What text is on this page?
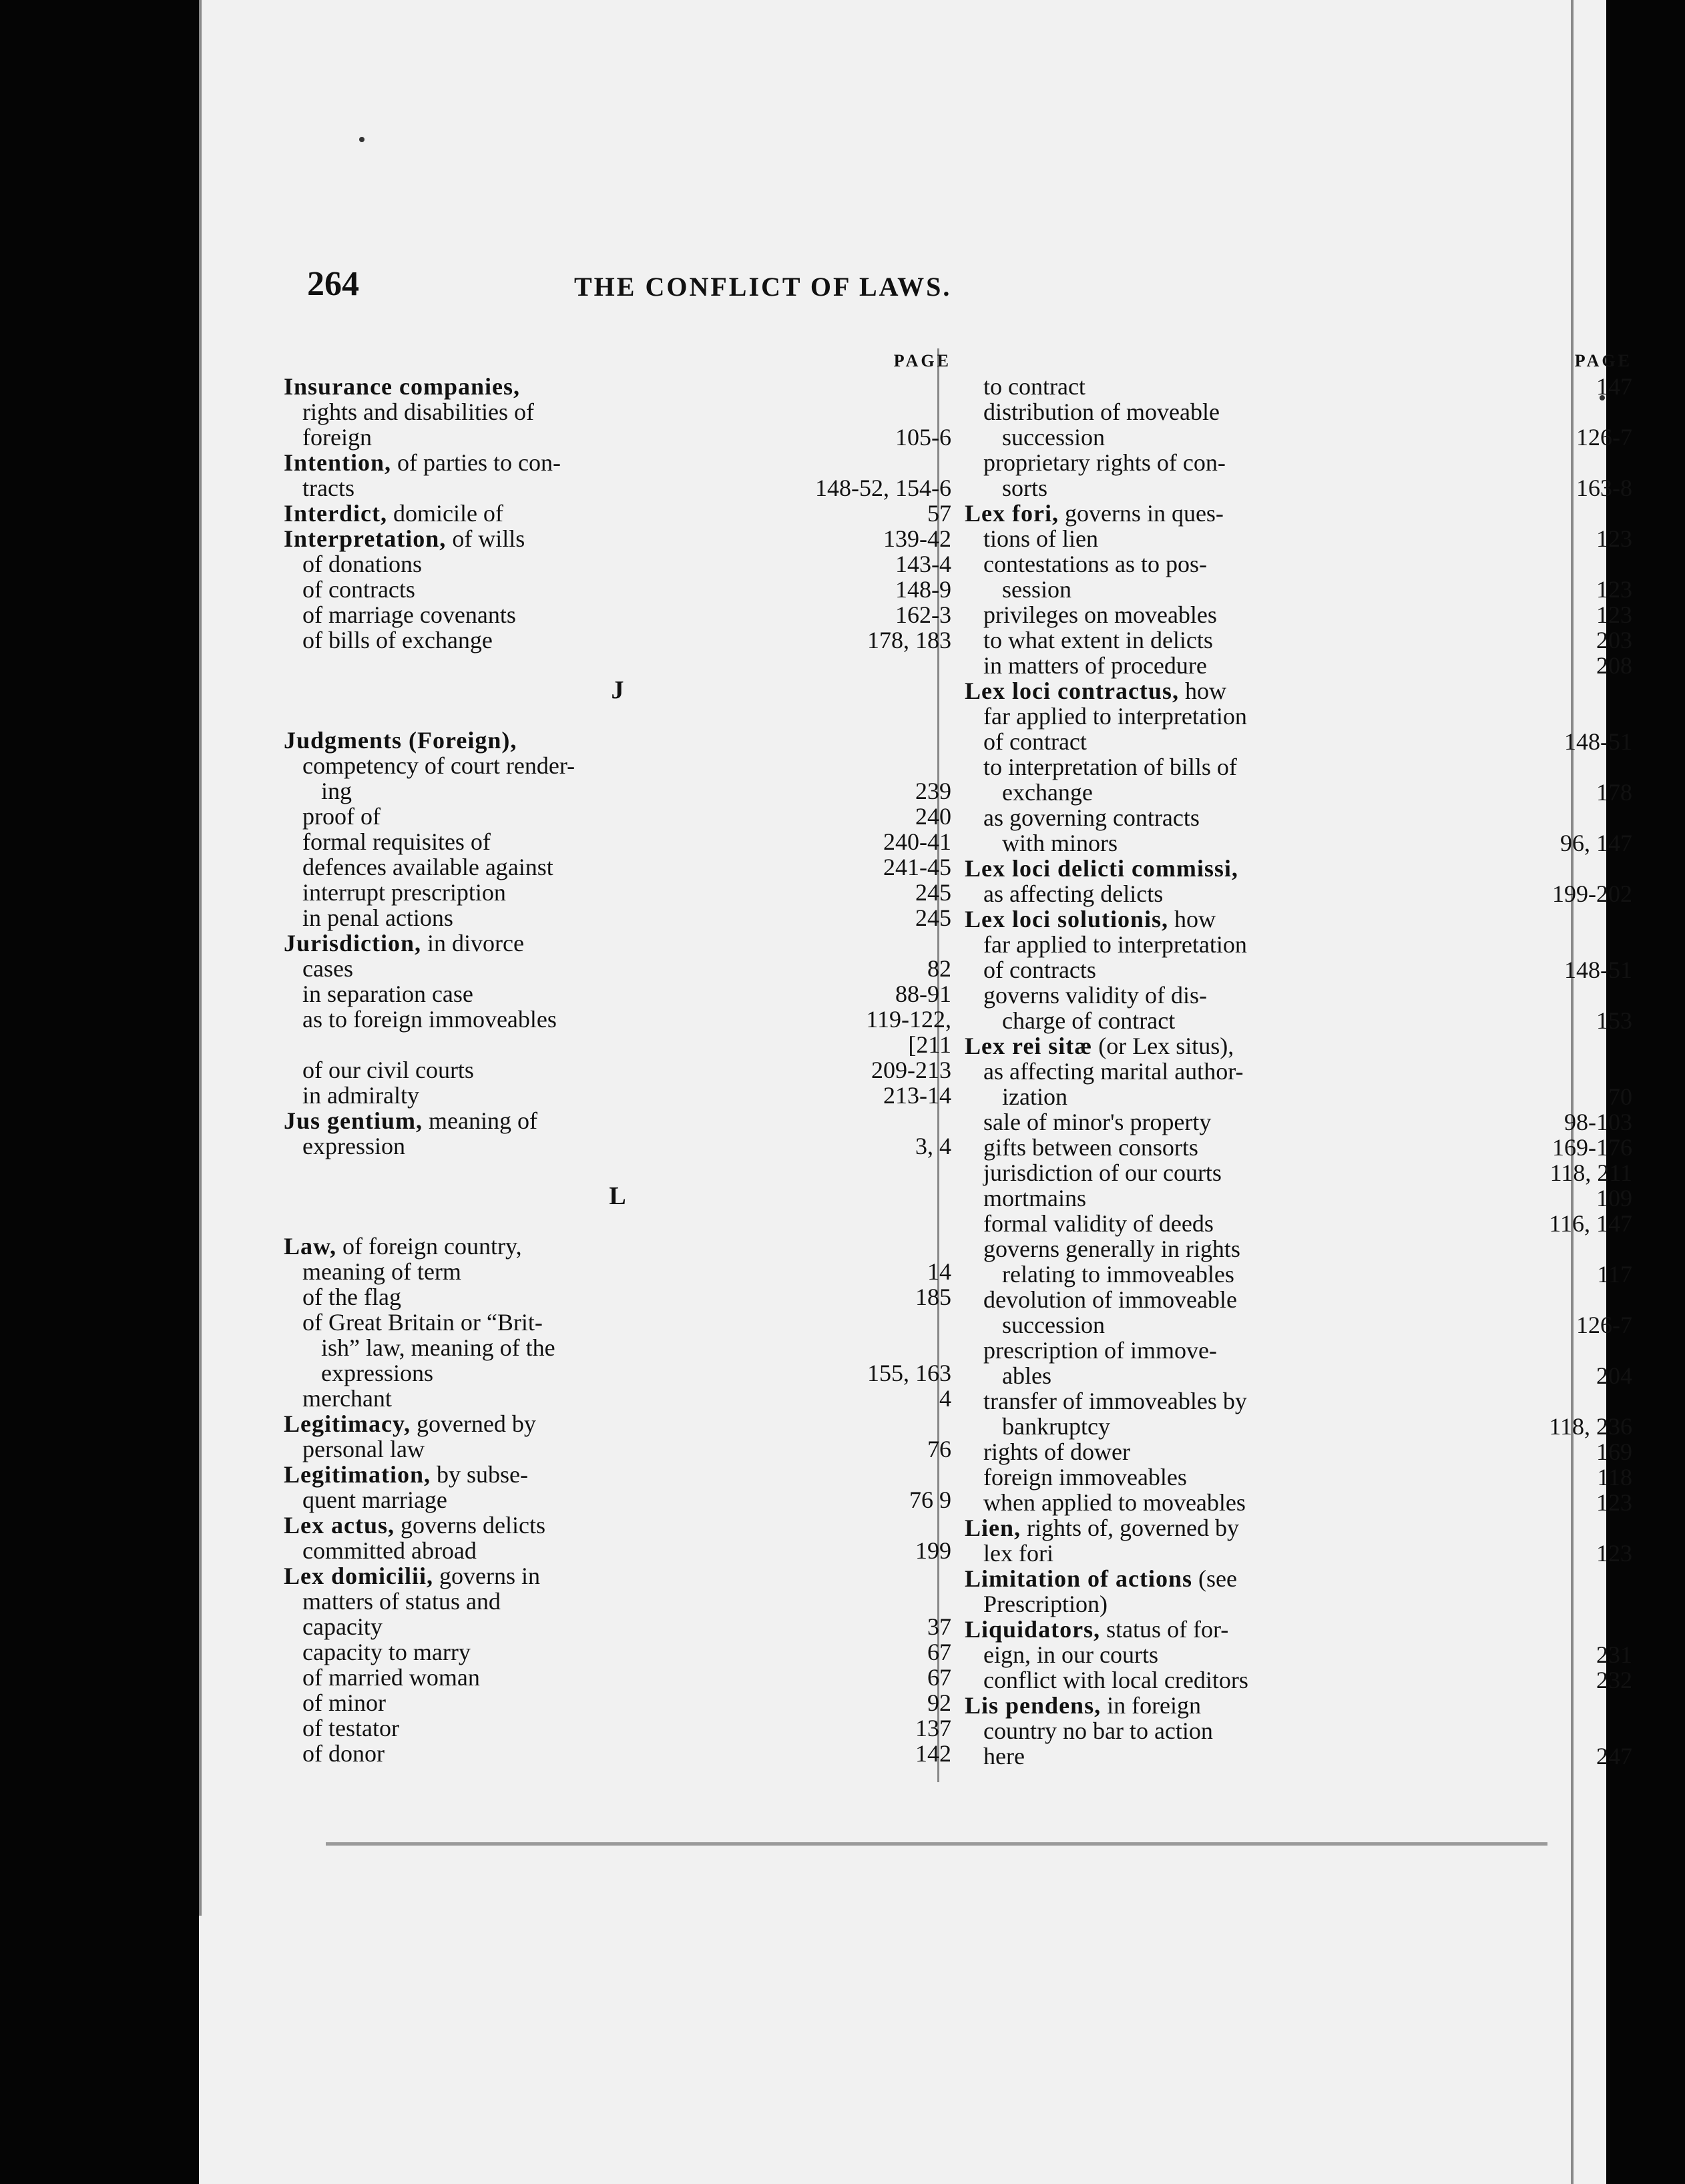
264	THE CONFLICT OF LAWS.
PAGE
Insurance companies,
rights and disabilities of
foreign	105-6
Intention, of parties to con-
tracts	148-52, 154-6
Interdict, domicile of	57
Interpretation, of wills	139-42
of donations	143-4
of contracts	148-9
of marriage covenants	162-3
of bills of exchange	178, 183
J
Judgments (Foreign),
competency of court render-
ing	239
proof of	240
formal requisites of	240-41
defences available against	241-45
interrupt prescription	245
in penal actions	245
Jurisdiction, in divorce
cases	82
in separation case	88-91
as to foreign immoveables	119-122,
[211
of our civil courts	209-213
in admiralty	213-14
Jus gentium, meaning of
expression	3, 4
L
Law, of foreign country,
meaning of term	14
of the flag	185
of Great Britain or “Brit-
ish” law, meaning of the
expressions	155, 163
merchant	4
Legitimacy, governed by
personal law	76
Legitimation, by subse-
quent marriage	76 9
Lex actus, governs delicts
committed abroad	199
Lex domicilii, governs in
matters of status and
capacity	37
capacity to marry	67
of married woman	67
of minor	92
of testator	137
of donor	142
PAGE
to contract	147
distribution of moveable
succession	126-7
proprietary rights of con-
sorts	163-8
Lex fori, governs in ques-
tions of lien	123
contestations as to pos-
session	123
privileges on moveables	123
to what extent in delicts	203
in matters of procedure	208
Lex loci contractus, how
far applied to interpretation
of contract	148-51
to interpretation of bills of
exchange	178
as governing contracts
with minors	96, 147
Lex loci delicti commissi,
as affecting delicts	199-202
Lex loci solutionis, how
far applied to interpretation
of contracts	148-51
governs validity of dis-
charge of contract	153
Lex rei sitæ (or Lex situs),
as affecting marital author-
ization	70
sale of minor's property	98-103
gifts between consorts	169-176
jurisdiction of our courts	118, 211
mortmains	109
formal validity of deeds	116, 147
governs generally in rights
relating to immoveables	117
devolution of immoveable
succession	126-7
prescription of immove-
ables	204
transfer of immoveables by
bankruptcy	118, 236
rights of dower	169
foreign immoveables	118
when applied to moveables	123
Lien, rights of, governed by
lex fori	123
Limitation of actions (see
Prescription)
Liquidators, status of for-
eign, in our courts	231
conflict with local creditors	232
Lis pendens, in foreign
country no bar to action
here	247
